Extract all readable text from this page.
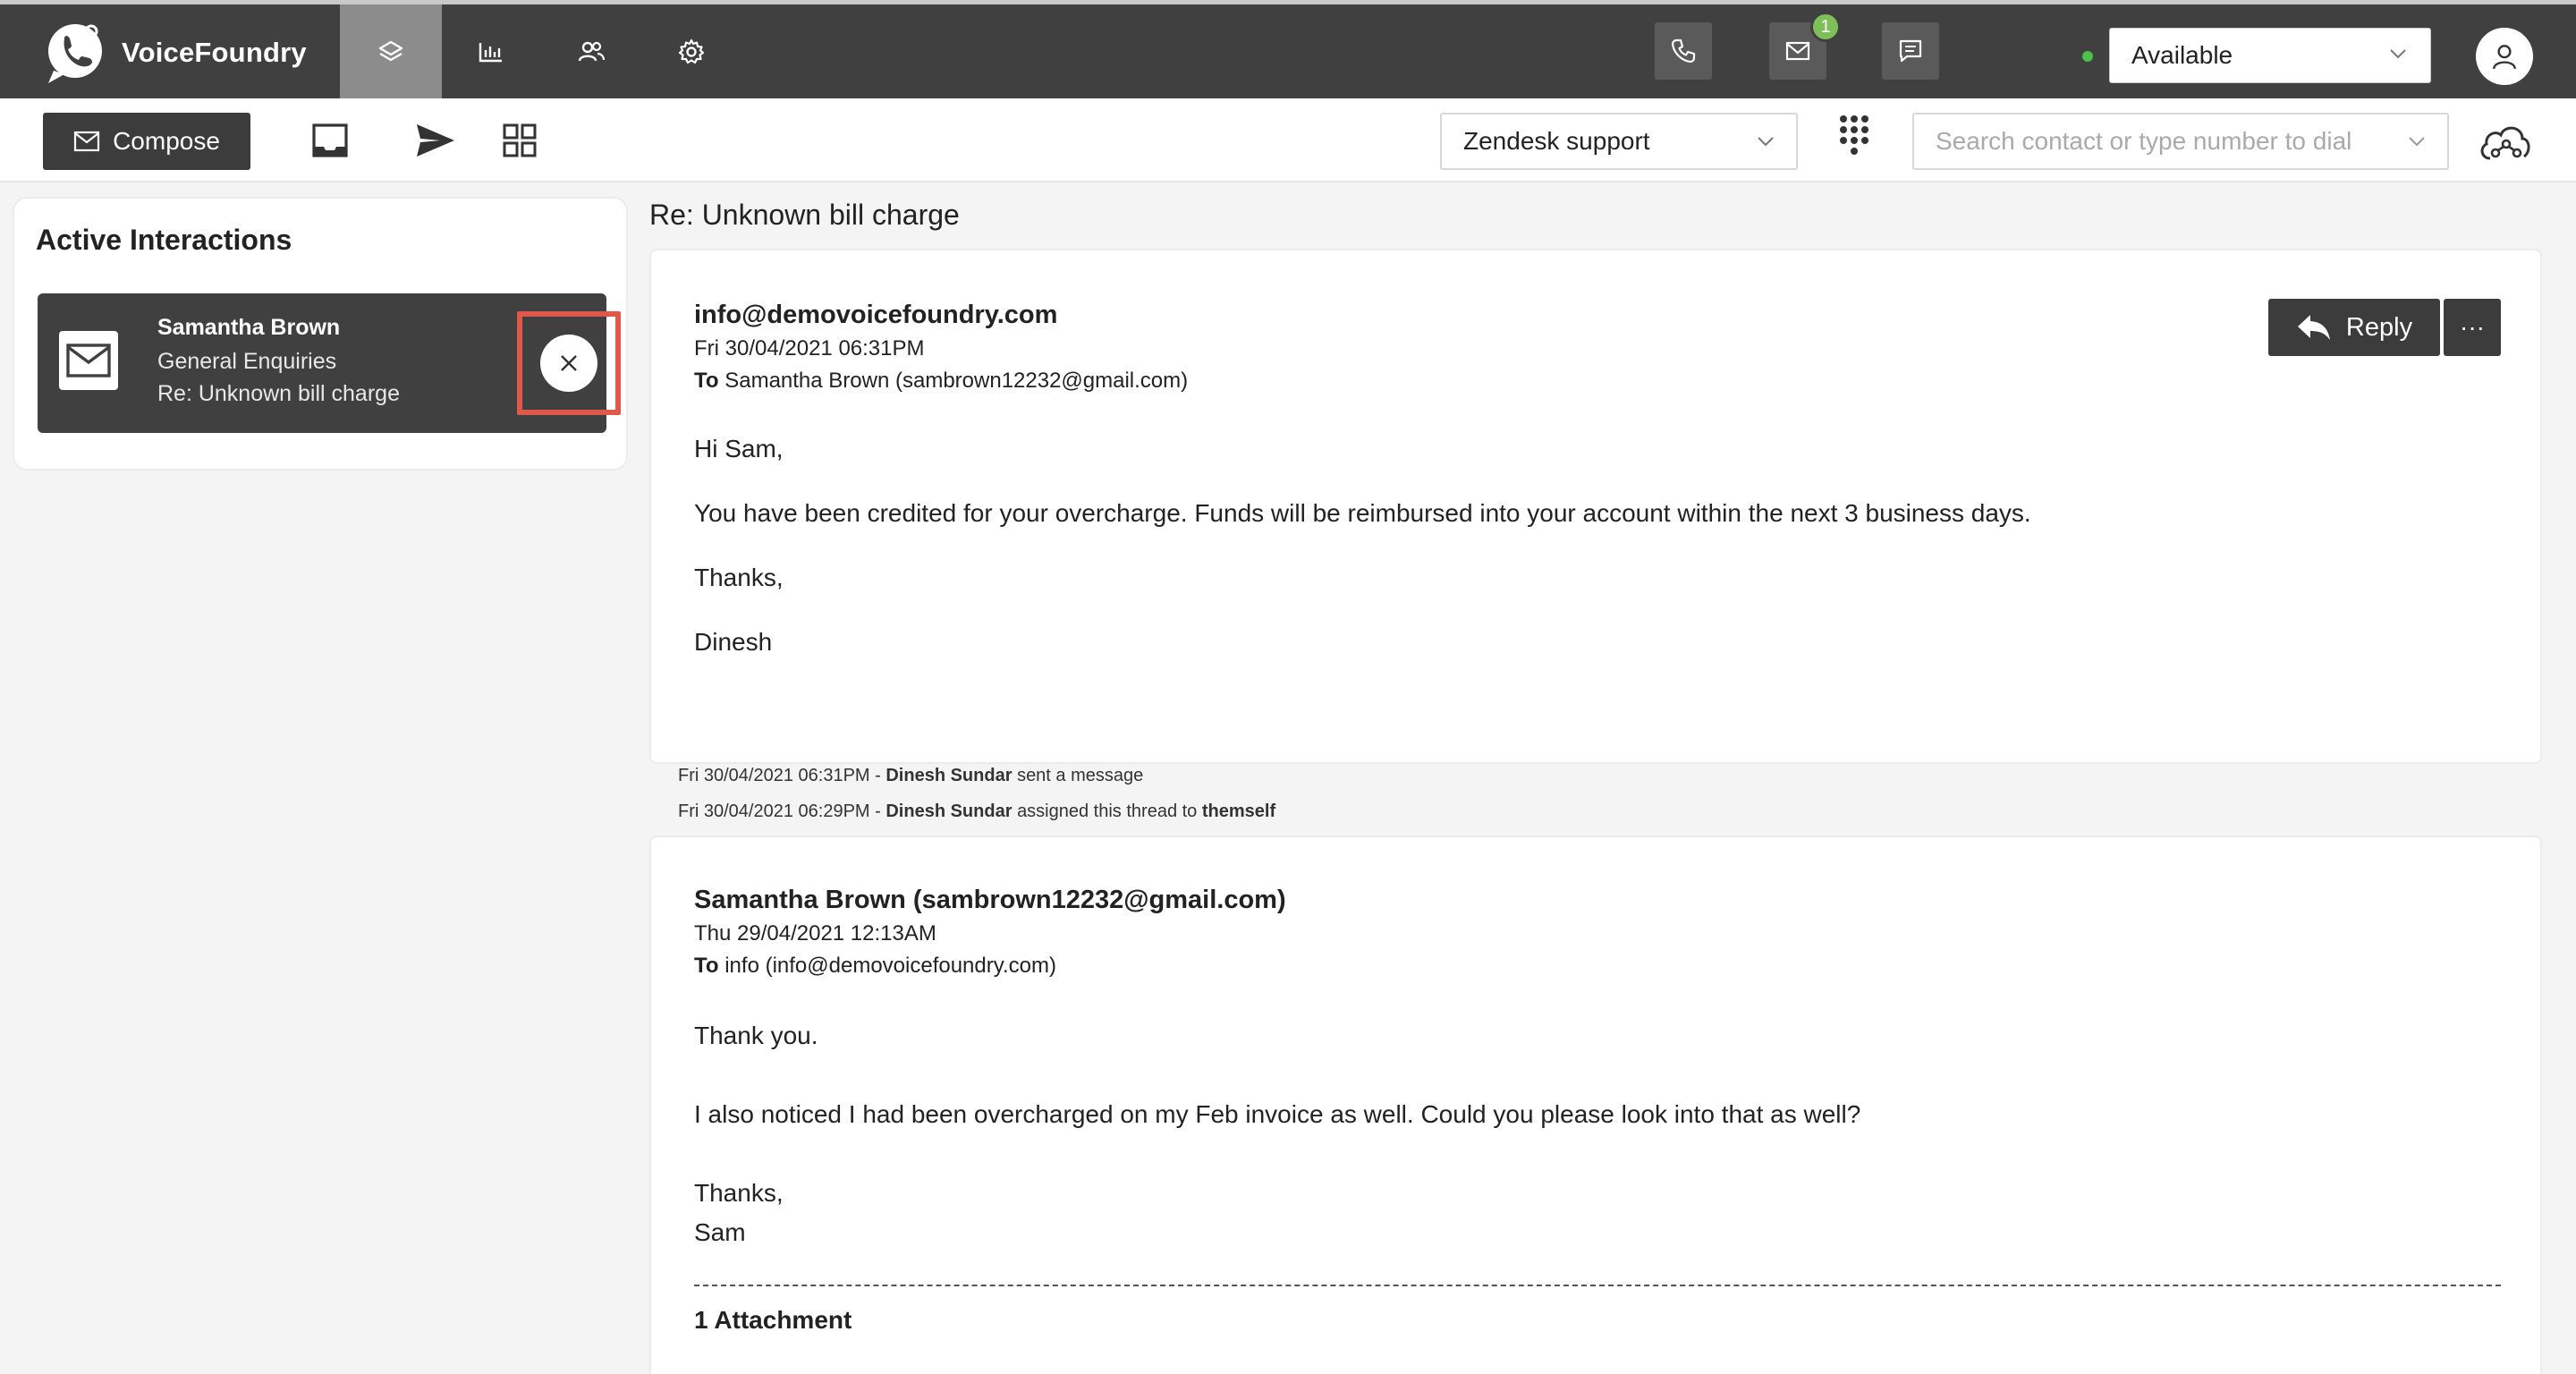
VoiceFoundry
1
Available
Compose	Zendesk support	Search contact or type number to dial
Active Interactions
Samantha Brown
General Enquiries
Re: Unknown bill charge
Re: Unknown bill charge
info@demovoicefoundry.com
Fri 30/04/2021 06:31PM
To Samantha Brown (sambrown12232@gmail.com)
Hi Sam,
You have been credited for your overcharge. Funds will be reimbursed into your account within the next 3 business days.
Thanks,
Dinesh
Reply ···
Fri 30/04/2021 06:31PM - Dinesh Sundar sent a message
Fri 30/04/2021 06:29PM - Dinesh Sundar assigned this thread to themself
Samantha Brown (sambrown12232@gmail.com)
Thu 29/04/2021 12:13AM
To info (info@demovoicefoundry.com)
Thank you.
I also noticed I had been overcharged on my Feb invoice as well. Could you please look into that as well?
Thanks,
Sam
1 Attachment
